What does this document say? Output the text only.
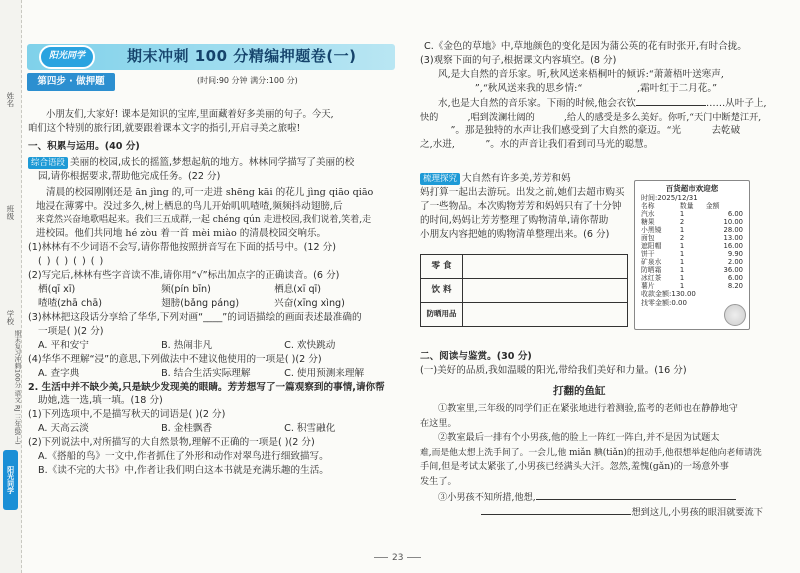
姓名
班级
学校
期末复习冲刺100分 语文 RJ 三年级(上)
阳光同学
阳光同学	期末冲刺 100 分精编押题卷(一)
第四步 · 做押题	(时间:90 分钟 满分:100 分)
小朋友们,大家好! 课本是知识的宝库,里面藏着好多美丽的句子。今天,
咱们这个特别的旅行团,就要跟着课本文字的指引,开启寻美之旅啦!
一、积累与运用。(40 分)
综合语段 美丽的校园,成长的摇篮,梦想起航的地方。林林同学描写了美丽的校
园,请你根据要求,帮助他完成任务。(22 分)
清晨的校园刚刚还是 ān jìng 的,可一走进 shēng kāi 的花儿 jìng qiāo qiāo
地浸在薄雾中。没过多久,树上栖息的鸟儿开始叽叽喳喳,频频抖动翅膀,后
来竟然兴奋地歌唱起来。我们三五成群,一起 chéng qún 走进校园,我们说着,笑着,走
进校园。他们共同地 hé zòu 着一首 mèi miào 的清晨校园交响乐。
(1)林林有不少词语不会写,请你帮他按照拼音写在下面的括号中。(12 分)
( ) ( ) ( ) ( )
(2)写完后,林林有些字音读不准,请你用“√”标出加点字的正确读音。(6 分)
栖(qī xī)	频(pín bīn)	栖息(xī qī)
喳喳(zhā chā)	翅膀(bǎng páng)	兴奋(xīng xìng)
(3)林林把这段话分享给了华华,下列对画“____”的词语描绘的画面表述最准确的
一项是( )(2 分)
A. 平和安宁	B. 热闹非凡	C. 欢快跳动
(4)华华不理解“浸”的意思,下列做法中不建议他使用的一项是( )(2 分)
A. 查字典	B. 结合生活实际理解	C. 使用预测来理解
2. 生活中并不缺少美,只是缺少发现美的眼睛。芳芳想写了一篇观察到的事情,请你帮
助她,选一选,填一填。(18 分)
(1)下列选项中,不是描写秋天的词语是( )(2 分)
A. 天高云淡	B. 金桂飘香	C. 积雪融化
(2)下列说法中,对所描写的大自然景物,理解不正确的一项是( )(2 分)
A.《搭船的鸟》一文中,作者抓住了外形和动作对翠鸟进行细致描写。
B.《读不完的大书》中,作者让我们明白这本书就是充满乐趣的生活。
C.《金色的草地》中,草地颜色的变化是因为蒲公英的花有时张开,有时合拢。
(3)观察下面的句子,根据课文内容填空。(8 分)
风,是大自然的音乐家。听,秋风送来梧桐叶的倾诉:“萧萧梧叶送寒声,
”,“秋风送来我的思乡情:“                  ,霜叶红于二月花。”
水,也是大自然的音乐家。下雨的时候,他会衣钦	……从叶子上,
快的          ,唱到泼澜壮阔的          ,给人的感受是多么美好。你听,“天门中断楚江开,
”。那是独特的水声让我们感受到了大自然的豪迈。“光          去乾破
之,水进,          ”。水的声音让我们看到司马光的聪慧。
梳理探究 大自然有许多美,芳芳和妈
妈打算一起出去游玩。出发之前,她们去超市购买
了一些物品。本次购物芳芳和妈妈只有了十分钟
的时间,妈妈让芳芳整理了购物清单,请你帮助
小朋友内容把她的购物清单整理出来。(6 分)
百货超市欢迎您
时间:2025/12/31
名称	数量	金额
汽水	1	6.00
糖果	2	10.00
小黑镜	1	28.00
面包	2	13.00
遮阳帽	1	16.00
饼干	1	9.90
矿泉水	1	2.00
防晒霜	1	36.00
冰红茶	1	6.00
薯片	1	8.20
收款金额:130.00
找零金额:0.00
零 食	
饮 料	
防晒用品	
二、阅读与鉴赏。(30 分)
(一)美好的品质,我如温暖的阳光,带给我们美好和力量。(16 分)
打翻的鱼缸
①教室里,三年级的同学们正在紧张地进行着测验,监考的老师也在静静地守
在这里。
②教室最后一排有个小男孩,他的脸上一阵红一阵白,并不是因为试题太
难,而是他太想上洗手间了。一会儿,他 miǎn 腆(tiǎn)的扭动手,他很想举起他向老师请洗
手间,但是考试太紧张了,小男孩已经满头大汗。忽然,羞愧(gǎn)的一场意外事
发生了。
③小男孩不知所措,他想,
想到这儿,小男孩的眼泪就要流下
23
